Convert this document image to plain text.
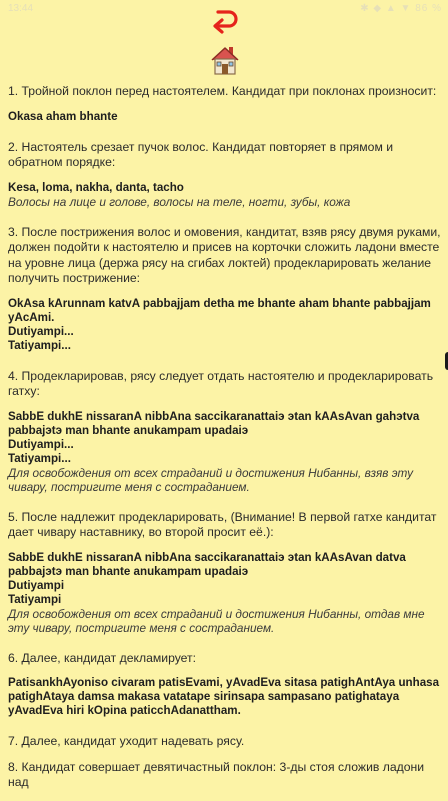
13:44	✱ ◆ ▲ ▼ 86 %

1. Тройной поклон перед настоятелем. Кандидат при поклонах произносит:

Okasa aham bhante

2. Настоятель срезает пучок волос. Кандидат повторяет в прямом и обратном порядке:

Kesa, loma, nakha, danta, tacho

Волосы на лице и голове, волосы на теле, ногти, зубы, кожа

3. После пострижения волос и омовения, кандитат, взяв рясу двумя руками, должен подойти к настоятелю и присев на корточки сложить ладони вместе на уровне лица (держа рясу на сгибах локтей) продекларировать желание получить пострижение:

OkAsa kArunnam katvA pabbajjam detha me bhante aham bhante pabbajjam yAcAmi.

Dutiyampi...

Tatiyampi...

4. Продекларировав, рясу следует отдать настоятелю и продекларировать гатху:

SabbE dukhE nissaranA nibbAna saccikaranattaiэ эtan kAAsAvan gahэtva pabbajэtэ man bhante anukampam upadaiэ

Dutiyampi...

Tatiyampi...

Для освобождения от всех страданий и достижения Нибанны, взяв эту чивару, постригите меня с состраданием.

5. После надлежит продекларировать, (Внимание! В первой гатхе кандитат дает чивару наставнику, во второй просит её.):

SabbE dukhE nissaranA nibbAna saccikaranattaiэ эtan kAAsAvan datva pabbajэtэ man bhante anukampam upadaiэ

Dutiyampi

Tatiyampi

Для освобождения от всех страданий и достижения Нибанны, отдав мне эту чивару, постригите меня с состраданием.

6. Далее, кандидат декламирует:

PatisankhAyoniso civaram patisEvami, yAvadEva sitasa patighAntAya unhasa patighAtaya damsa makasa vatatape sirinsapa sampasano patighataya yAvadEva hiri kOpina paticchAdanattham.

7. Далее, кандидат уходит надевать рясу.

8. Кандидат совершает девятичастный поклон: 3-ды стоя сложив ладони над
